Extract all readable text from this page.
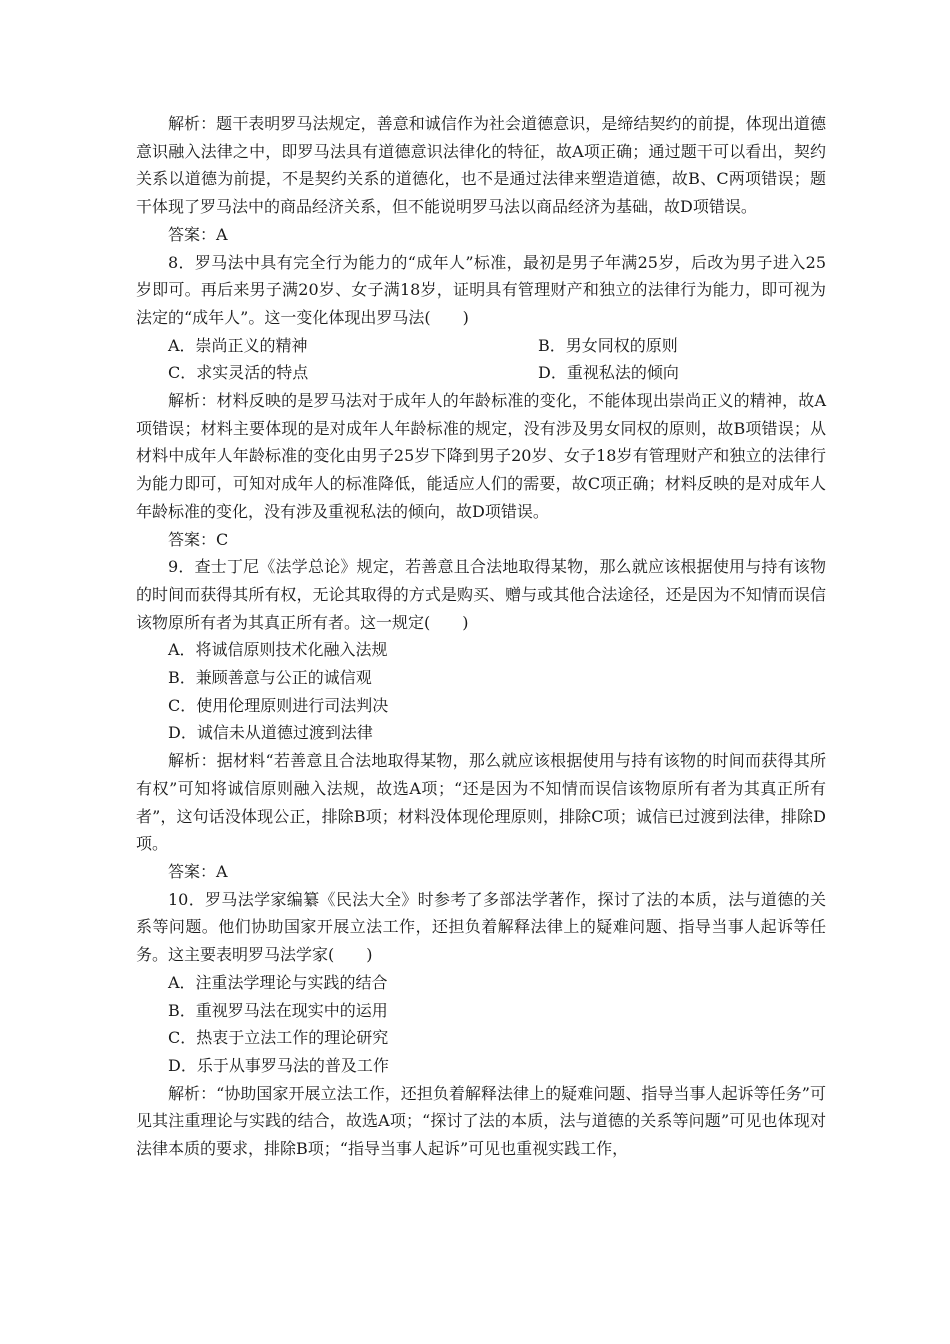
解析：题干表明罗马法规定，善意和诚信作为社会道德意识，是缔结契约的前提，体现出道德意识融入法律之中，即罗马法具有道德意识法律化的特征，故A项正确；通过题干可以看出，契约关系以道德为前提，不是契约关系的道德化，也不是通过法律来塑造道德，故B、C两项错误；题干体现了罗马法中的商品经济关系，但不能说明罗马法以商品经济为基础，故D项错误。

答案：A

8．罗马法中具有完全行为能力的“成年人”标准，最初是男子年满25岁，后改为男子进入25岁即可。再后来男子满20岁、女子满18岁，证明具有管理财产和独立的法律行为能力，即可视为法定的“成年人”。这一变化体现出罗马法(　　)

A．崇尚正义的精神	B．男女同权的原则
C．求实灵活的特点	D．重视私法的倾向

解析：材料反映的是罗马法对于成年人的年龄标准的变化，不能体现出崇尚正义的精神，故A项错误；材料主要体现的是对成年人年龄标准的规定，没有涉及男女同权的原则，故B项错误；从材料中成年人年龄标准的变化由男子25岁下降到男子20岁、女子18岁有管理财产和独立的法律行为能力即可，可知对成年人的标准降低，能适应人们的需要，故C项正确；材料反映的是对成年人年龄标准的变化，没有涉及重视私法的倾向，故D项错误。

答案：C

9．查士丁尼《法学总论》规定，若善意且合法地取得某物，那么就应该根据使用与持有该物的时间而获得其所有权，无论其取得的方式是购买、赠与或其他合法途径，还是因为不知情而误信该物原所有者为其真正所有者。这一规定(　　)

A．将诚信原则技术化融入法规

B．兼顾善意与公正的诚信观

C．使用伦理原则进行司法判决

D．诚信未从道德过渡到法律

解析：据材料“若善意且合法地取得某物，那么就应该根据使用与持有该物的时间而获得其所有权”可知将诚信原则融入法规，故选A项；“还是因为不知情而误信该物原所有者为其真正所有者”，这句话没体现公正，排除B项；材料没体现伦理原则，排除C项；诚信已过渡到法律，排除D项。

答案：A

10．罗马法学家编纂《民法大全》时参考了多部法学著作，探讨了法的本质，法与道德的关系等问题。他们协助国家开展立法工作，还担负着解释法律上的疑难问题、指导当事人起诉等任务。这主要表明罗马法学家(　　)

A．注重法学理论与实践的结合

B．重视罗马法在现实中的运用

C．热衷于立法工作的理论研究

D．乐于从事罗马法的普及工作

解析：“协助国家开展立法工作，还担负着解释法律上的疑难问题、指导当事人起诉等任务”可见其注重理论与实践的结合，故选A项；“探讨了法的本质，法与道德的关系等问题”可见也体现对法律本质的要求，排除B项；“指导当事人起诉”可见也重视实践工作，
